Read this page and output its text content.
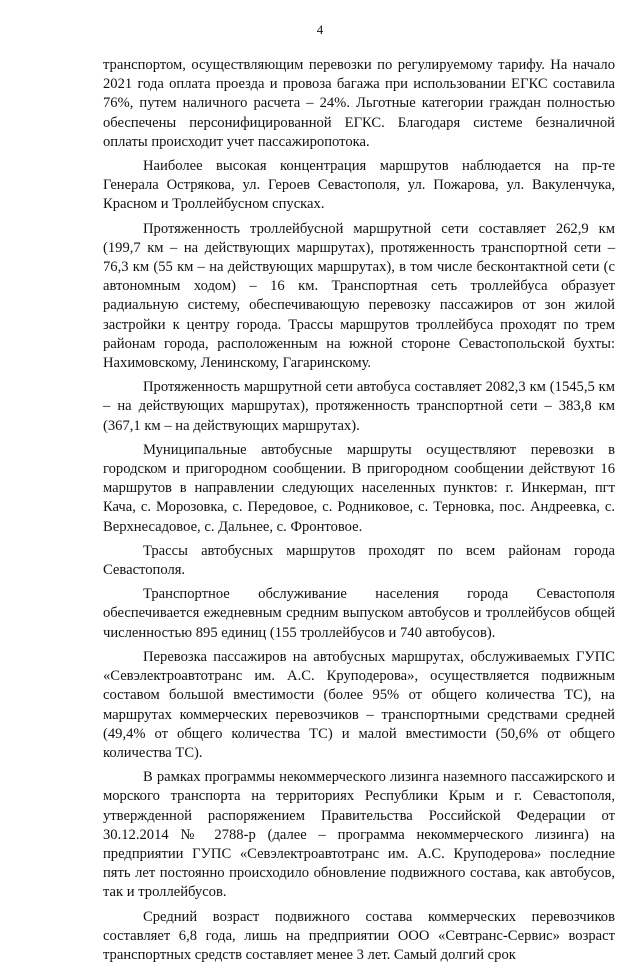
4

транспортом, осуществляющим перевозки по регулируемому тарифу. На начало 2021 года оплата проезда и провоза багажа при использовании ЕГКС составила 76%, путем наличного расчета – 24%. Льготные категории граждан полностью обеспечены персонифицированной ЕГКС. Благодаря системе безналичной оплаты происходит учет пассажиропотока.

Наиболее высокая концентрация маршрутов наблюдается на пр-те Генерала Острякова, ул. Героев Севастополя, ул. Пожарова, ул. Вакуленчука, Красном и Троллейбусном спусках.

Протяженность троллейбусной маршрутной сети составляет 262,9 км (199,7 км – на действующих маршрутах), протяженность транспортной сети – 76,3 км (55 км – на действующих маршрутах), в том числе бесконтактной сети (с автономным ходом) – 16 км. Транспортная сеть троллейбуса образует радиальную систему, обеспечивающую перевозку пассажиров от зон жилой застройки к центру города. Трассы маршрутов троллейбуса проходят по трем районам города, расположенным на южной стороне Севастопольской бухты: Нахимовскому, Ленинскому, Гагаринскому.

Протяженность маршрутной сети автобуса составляет 2082,3 км (1545,5 км – на действующих маршрутах), протяженность транспортной сети – 383,8 км (367,1 км – на действующих маршрутах).

Муниципальные автобусные маршруты осуществляют перевозки в городском и пригородном сообщении. В пригородном сообщении действуют 16 маршрутов в направлении следующих населенных пунктов: г. Инкерман, пгт Кача, с. Морозовка, с. Передовое, с. Родниковое, с. Терновка, пос. Андреевка, с. Верхнесадовое, с. Дальнее, с. Фронтовое.

Трассы автобусных маршрутов проходят по всем районам города Севастополя.

Транспортное обслуживание населения города Севастополя обеспечивается ежедневным средним выпуском автобусов и троллейбусов общей численностью 895 единиц (155 троллейбусов и 740 автобусов).

Перевозка пассажиров на автобусных маршрутах, обслуживаемых ГУПС «Севэлектроавтотранс им. А.С. Круподерова», осуществляется подвижным составом большой вместимости (более 95% от общего количества ТС), на маршрутах коммерческих перевозчиков – транспортными средствами средней (49,4% от общего количества ТС) и малой вместимости (50,6% от общего количества ТС).

В рамках программы некоммерческого лизинга наземного пассажирского и морского транспорта на территориях Республики Крым и г. Севастополя, утвержденной распоряжением Правительства Российской Федерации от 30.12.2014 № 2788-р (далее – программа некоммерческого лизинга) на предприятии ГУПС «Севэлектроавтотранс им. А.С. Круподерова» последние пять лет постоянно происходило обновление подвижного состава, как автобусов, так и троллейбусов.

Средний возраст подвижного состава коммерческих перевозчиков составляет 6,8 года, лишь на предприятии ООО «Севтранс-Сервис» возраст транспортных средств составляет менее 3 лет. Самый долгий срок
